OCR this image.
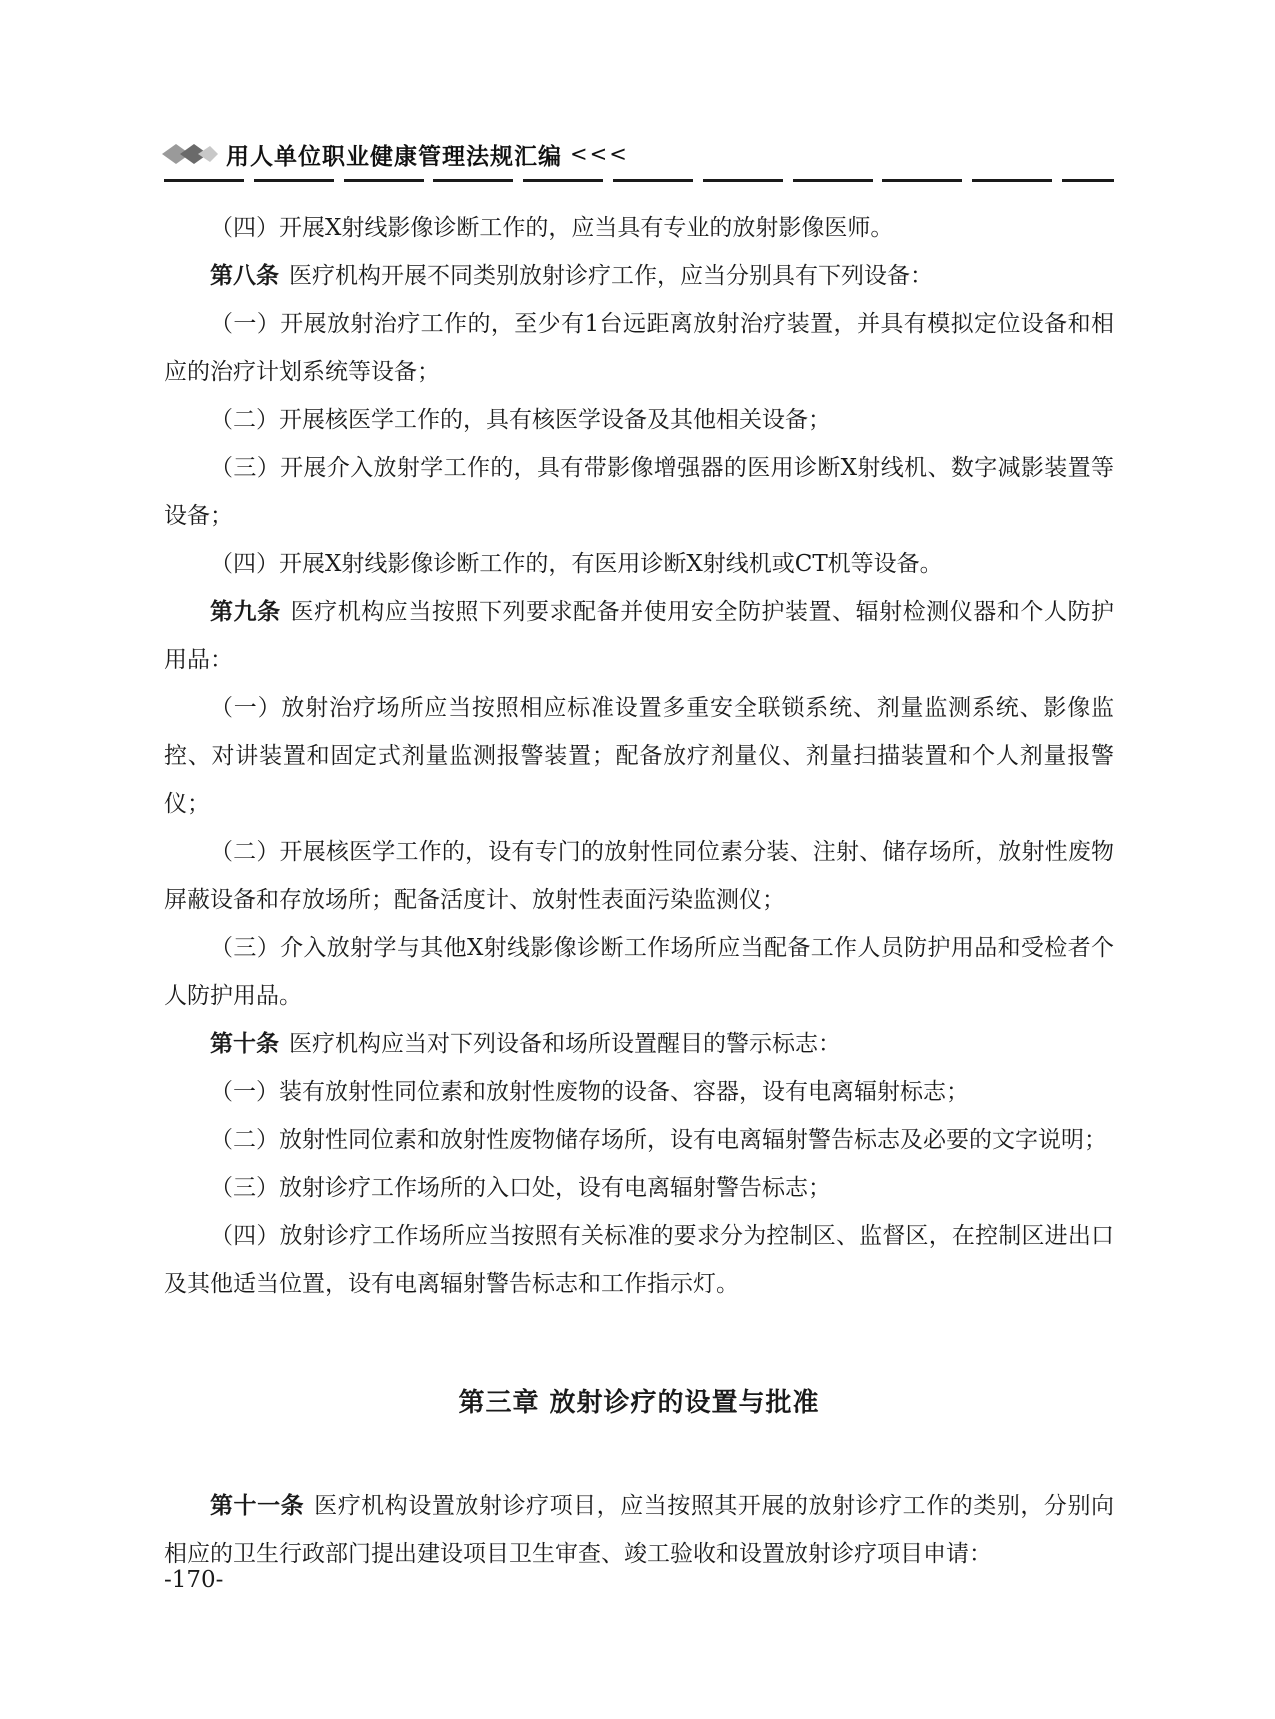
用人单位职业健康管理法规汇编 <<<

（四）开展X射线影像诊断工作的，应当具有专业的放射影像医师。

第八条 医疗机构开展不同类别放射诊疗工作，应当分别具有下列设备：

（一）开展放射治疗工作的，至少有1台远距离放射治疗装置，并具有模拟定位设备和相应的治疗计划系统等设备；

（二）开展核医学工作的，具有核医学设备及其他相关设备；

（三）开展介入放射学工作的，具有带影像增强器的医用诊断X射线机、数字减影装置等设备；

（四）开展X射线影像诊断工作的，有医用诊断X射线机或CT机等设备。

第九条 医疗机构应当按照下列要求配备并使用安全防护装置、辐射检测仪器和个人防护用品：

（一）放射治疗场所应当按照相应标准设置多重安全联锁系统、剂量监测系统、影像监控、对讲装置和固定式剂量监测报警装置；配备放疗剂量仪、剂量扫描装置和个人剂量报警仪；

（二）开展核医学工作的，设有专门的放射性同位素分装、注射、储存场所，放射性废物屏蔽设备和存放场所；配备活度计、放射性表面污染监测仪；

（三）介入放射学与其他X射线影像诊断工作场所应当配备工作人员防护用品和受检者个人防护用品。

第十条 医疗机构应当对下列设备和场所设置醒目的警示标志：

（一）装有放射性同位素和放射性废物的设备、容器，设有电离辐射标志；

（二）放射性同位素和放射性废物储存场所，设有电离辐射警告标志及必要的文字说明；

（三）放射诊疗工作场所的入口处，设有电离辐射警告标志；

（四）放射诊疗工作场所应当按照有关标准的要求分为控制区、监督区，在控制区进出口及其他适当位置，设有电离辐射警告标志和工作指示灯。

第三章 放射诊疗的设置与批准

第十一条 医疗机构设置放射诊疗项目，应当按照其开展的放射诊疗工作的类别，分别向相应的卫生行政部门提出建设项目卫生审查、竣工验收和设置放射诊疗项目申请：

-170-
